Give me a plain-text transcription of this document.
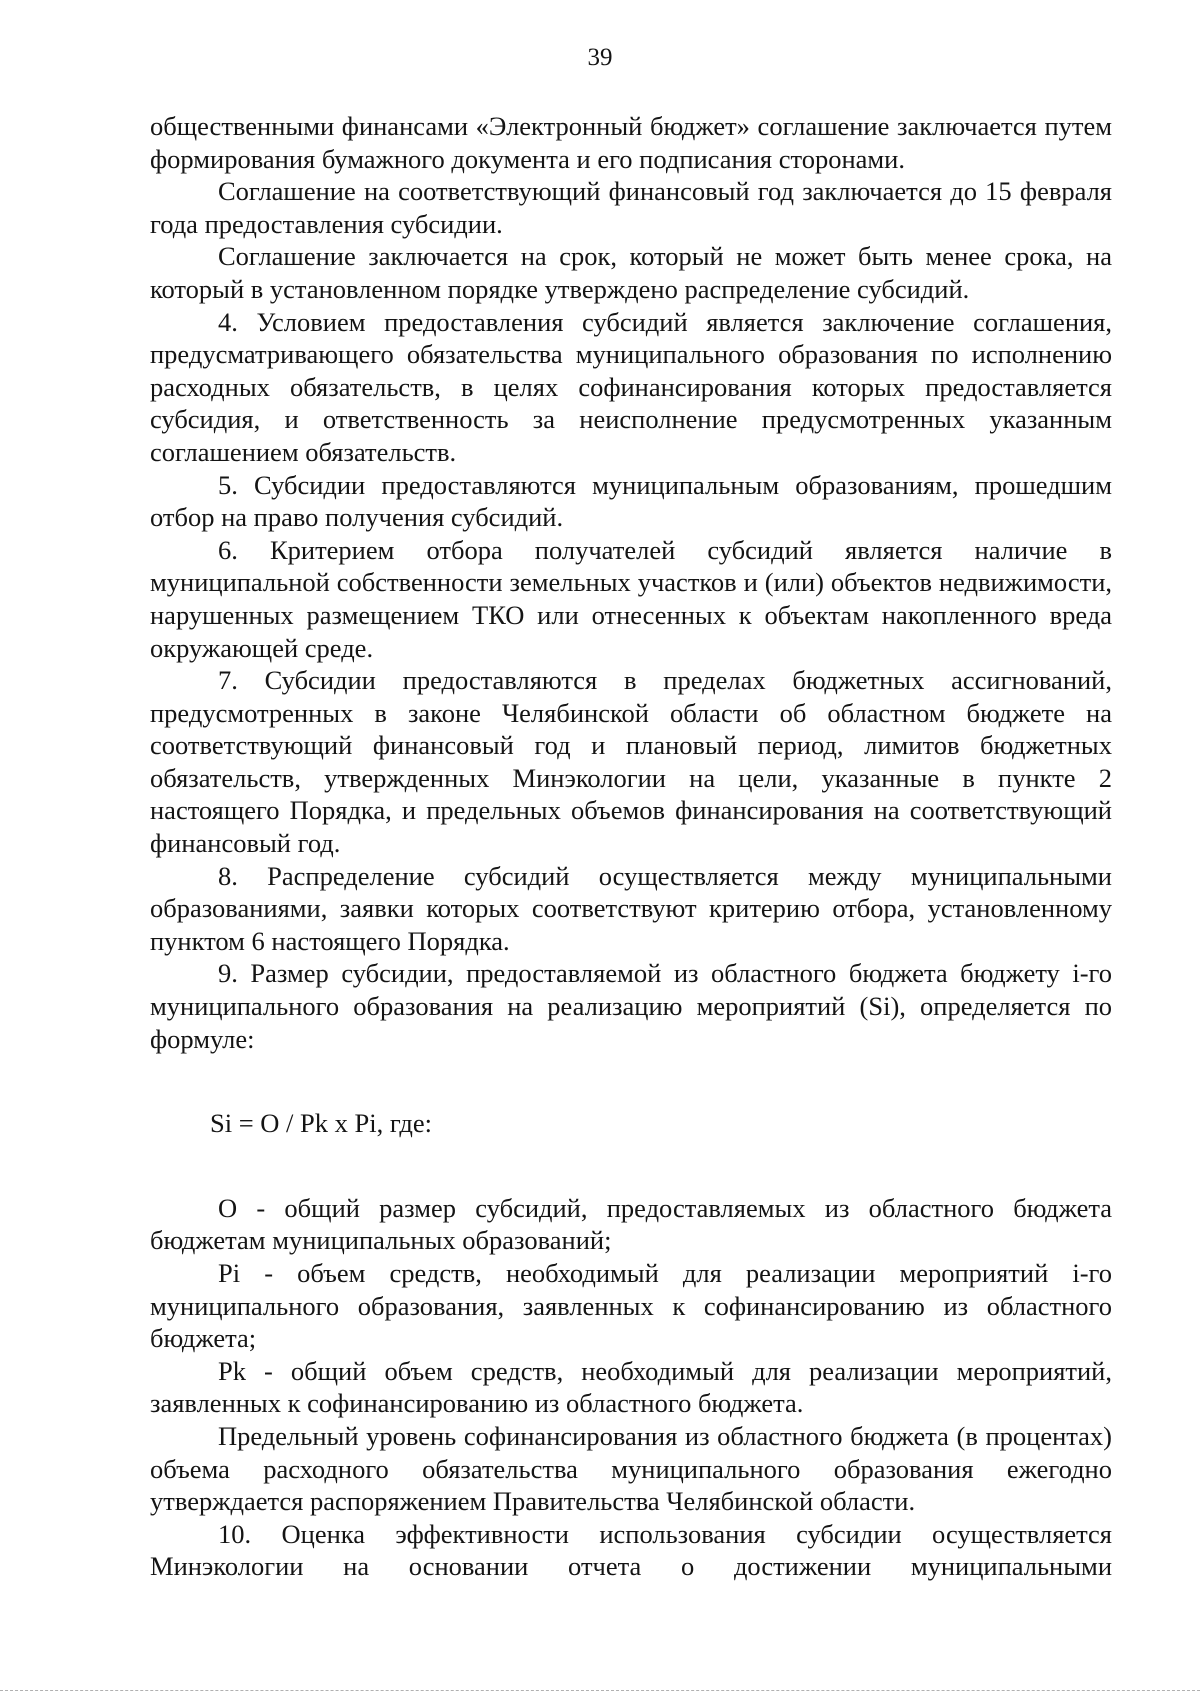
39

общественными финансами «Электронный бюджет» соглашение заключается путем формирования бумажного документа и его подписания сторонами.

Соглашение на соответствующий финансовый год заключается до 15 февраля года предоставления субсидии.

Соглашение заключается на срок, который не может быть менее срока, на который в установленном порядке утверждено распределение субсидий.

4. Условием предоставления субсидий является заключение соглашения, предусматривающего обязательства муниципального образования по исполнению расходных обязательств, в целях софинансирования которых предоставляется субсидия, и ответственность за неисполнение предусмотренных указанным соглашением обязательств.

5. Субсидии предоставляются муниципальным образованиям, прошедшим отбор на право получения субсидий.

6. Критерием отбора получателей субсидий является наличие в муниципальной собственности земельных участков и (или) объектов недвижимости, нарушенных размещением ТКО или отнесенных к объектам накопленного вреда окружающей среде.

7. Субсидии предоставляются в пределах бюджетных ассигнований, предусмотренных в законе Челябинской области об областном бюджете на соответствующий финансовый год и плановый период, лимитов бюджетных обязательств, утвержденных Минэкологии на цели, указанные в пункте 2 настоящего Порядка, и предельных объемов финансирования на соответствующий финансовый год.

8. Распределение субсидий осуществляется между муниципальными образованиями, заявки которых соответствуют критерию отбора, установленному пунктом 6 настоящего Порядка.

9. Размер субсидии, предоставляемой из областного бюджета бюджету i-го муниципального образования на реализацию мероприятий (Si), определяется по формуле:

Si = O / Pk x Pi, где:

O - общий размер субсидий, предоставляемых из областного бюджета бюджетам муниципальных образований;

Pi - объем средств, необходимый для реализации мероприятий i-го муниципального образования, заявленных к софинансированию из областного бюджета;

Pk - общий объем средств, необходимый для реализации мероприятий, заявленных к софинансированию из областного бюджета.

Предельный уровень софинансирования из областного бюджета (в процентах) объема расходного обязательства муниципального образования ежегодно утверждается распоряжением Правительства Челябинской области.

10. Оценка эффективности использования субсидии осуществляется Минэкологии на основании отчета о достижении муниципальными
